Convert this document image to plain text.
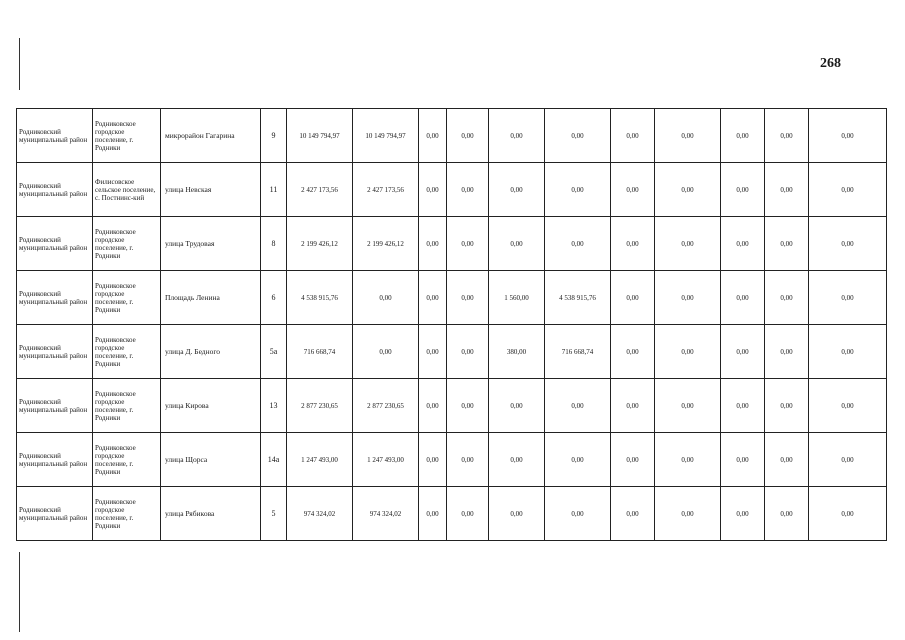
268
Родниковский муниципальный район	Родниковское городское поселение, г. Родники	микрорайон Гагарина	9	10 149 794,97	10 149 794,97	0,00	0,00	0,00	0,00	0,00	0,00	0,00	0,00	0,00
Родниковский муниципальный район	Филисовское сельское поселение, с. Постнинс-кий	улица Невская	11	2 427 173,56	2 427 173,56	0,00	0,00	0,00	0,00	0,00	0,00	0,00	0,00	0,00
Родниковский муниципальный район	Родниковское городское поселение, г. Родники	улица Трудовая	8	2 199 426,12	2 199 426,12	0,00	0,00	0,00	0,00	0,00	0,00	0,00	0,00	0,00
Родниковский муниципальный район	Родниковское городское поселение, г. Родники	Площадь Ленина	6	4 538 915,76	0,00	0,00	0,00	1 560,00	4 538 915,76	0,00	0,00	0,00	0,00	0,00
Родниковский муниципальный район	Родниковское городское поселение, г. Родники	улица Д. Бедного	5а	716 668,74	0,00	0,00	0,00	380,00	716 668,74	0,00	0,00	0,00	0,00	0,00
Родниковский муниципальный район	Родниковское городское поселение, г. Родники	улица Кирова	13	2 877 230,65	2 877 230,65	0,00	0,00	0,00	0,00	0,00	0,00	0,00	0,00	0,00
Родниковский муниципальный район	Родниковское городское поселение, г. Родники	улица Щорса	14а	1 247 493,00	1 247 493,00	0,00	0,00	0,00	0,00	0,00	0,00	0,00	0,00	0,00
Родниковский муниципальный район	Родниковское городское поселение, г. Родники	улица Рябикова	5	974 324,02	974 324,02	0,00	0,00	0,00	0,00	0,00	0,00	0,00	0,00	0,00
